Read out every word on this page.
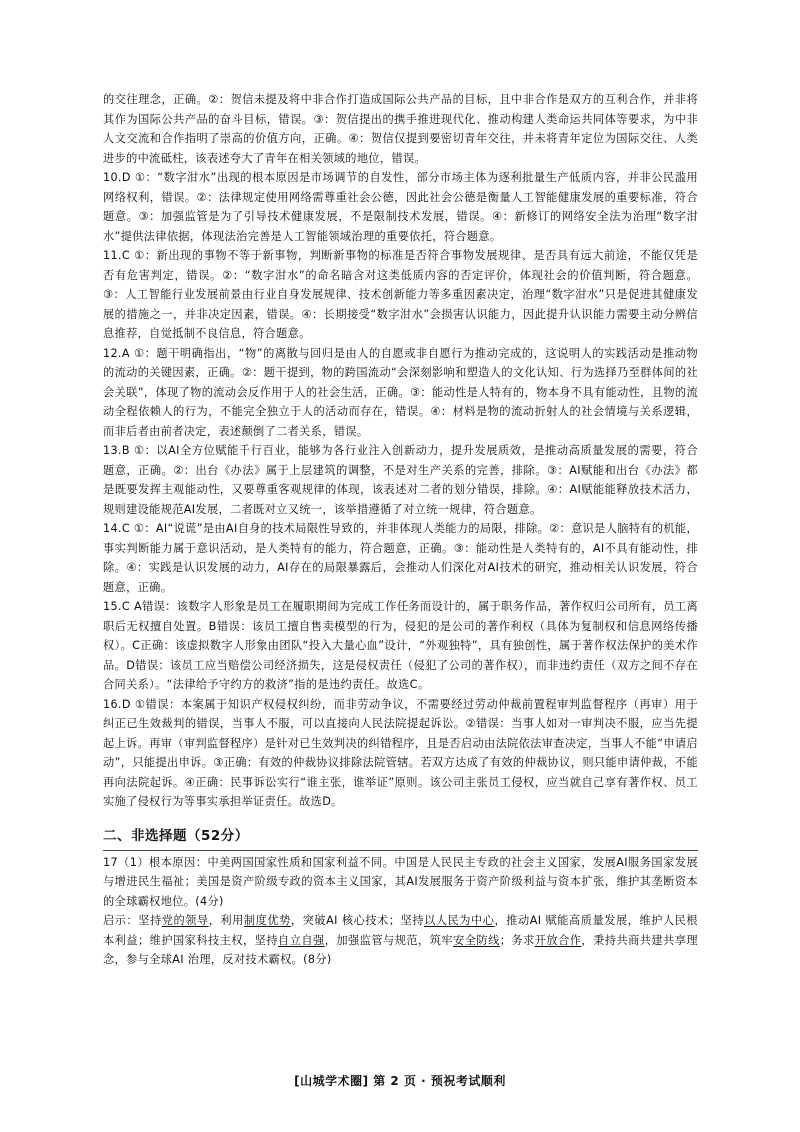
的交往理念，正确。②：贺信未提及将中非合作打造成国际公共产品的目标，且中非合作是双方的互利合作，并非将其作为国际公共产品的奋斗目标，错误。③：贺信提出的携手推进现代化、推动构建人类命运共同体等要求，为中非人文交流和合作指明了崇高的价值方向，正确。④：贺信仅提到要密切青年交往，并未将青年定位为国际交往、人类进步的中流砥柱，该表述夸大了青年在相关领域的地位，错误。

10.D ①：“数字泔水”出现的根本原因是市场调节的自发性，部分市场主体为逐利批量生产低质内容，并非公民滥用网络权利，错误。②：法律规定使用网络需尊重社会公德，因此社会公德是衡量人工智能健康发展的重要标准，符合题意。③：加强监管是为了引导技术健康发展，不是限制技术发展，错误。④：新修订的网络安全法为治理“数字泔水”提供法律依据，体现法治完善是人工智能领域治理的重要依托，符合题意。

11.C ①：新出现的事物不等于新事物，判断新事物的标准是否符合事物发展规律、是否具有远大前途，不能仅凭是否有危害判定，错误。②：“数字泔水”的命名暗含对这类低质内容的否定评价，体现社会的价值判断，符合题意。③：人工智能行业发展前景由行业自身发展规律、技术创新能力等多重因素决定，治理“数字泔水”只是促进其健康发展的措施之一，并非决定因素，错误。④：长期接受“数字泔水”会损害认识能力，因此提升认识能力需要主动分辨信息推荐，自觉抵制不良信息，符合题意。

12.A ①：题干明确指出，“物”的离散与回归是由人的自愿或非自愿行为推动完成的，这说明人的实践活动是推动物的流动的关键因素，正确。②：题干提到，物的跨国流动“会深刻影响和塑造人的文化认知、行为选择乃至群体间的社会关联”，体现了物的流动会反作用于人的社会生活，正确。③：能动性是人特有的，物本身不具有能动性，且物的流动全程依赖人的行为，不能完全独立于人的活动而存在，错误。④：材料是物的流动折射人的社会情境与关系逻辑，而非后者由前者决定，表述颠倒了二者关系，错误。

13.B ①：以AI全方位赋能千行百业，能够为各行业注入创新动力，提升发展质效，是推动高质量发展的需要，符合题意，正确。②：出台《办法》属于上层建筑的调整，不是对生产关系的完善，排除。③：AI赋能和出台《办法》都是既要发挥主观能动性，又要尊重客观规律的体现，该表述对二者的划分错误，排除。④：AI赋能能释放技术活力，规则建设能规范AI发展，二者既对立又统一，该举措遵循了对立统一规律，符合题意。

14.C ①：AI“说谎”是由AI自身的技术局限性导致的，并非体现人类能力的局限，排除。②：意识是人脑特有的机能，事实判断能力属于意识活动，是人类特有的能力，符合题意，正确。③：能动性是人类特有的，AI不具有能动性，排除。④：实践是认识发展的动力，AI存在的局限暴露后，会推动人们深化对AI技术的研究，推动相关认识发展，符合题意，正确。

15.C A错误：该数字人形象是员工在履职期间为完成工作任务而设计的，属于职务作品，著作权归公司所有，员工离职后无权擅自处置。B错误：该员工擅自售卖模型的行为，侵犯的是公司的著作利权（具体为复制权和信息网络传播权）。C正确：该虚拟数字人形象由团队“投入大量心血”设计，“外观独特”，具有独创性，属于著作权法保护的美术作品。D错误：该员工应当赔偿公司经济损失，这是侵权责任（侵犯了公司的著作权），而非违约责任（双方之间不存在合同关系）。“法律给予守约方的救济”指的是违约责任。故选C。

16.D ①错误：本案属于知识产权侵权纠纷，而非劳动争议，不需要经过劳动仲裁前置程审判监督程序（再审）用于纠正已生效裁判的错误，当事人不服，可以直接向人民法院提起诉讼。②错误：当事人如对一审判决不服，应当先提起上诉。再审（审判监督程序）是针对已生效判决的纠错程序，且是否启动由法院依法审查决定，当事人不能“申请启动”，只能提出申诉。③正确：有效的仲裁协议排除法院管辖。若双方达成了有效的仲裁协议，则只能申请仲裁，不能再向法院起诉。④正确：民事诉讼实行“谁主张，谁举证”原则。该公司主张员工侵权，应当就自己享有著作权、员工实施了侵权行为等事实承担举证责任。故选D。

二、非选择题（52分）

17（1）根本原因：中美两国国家性质和国家利益不同。中国是人民民主专政的社会主义国家，发展AI服务国家发展与增进民生福祉；美国是资产阶级专政的资本主义国家，其AI发展服务于资产阶级利益与资本扩张，维护其垄断资本的全球霸权地位。(4分)

启示：坚持党的领导，利用制度优势，突破AI 核心技术；坚持以人民为中心，推动AI 赋能高质量发展，维护人民根本利益；维护国家科技主权，坚持自立自强，加强监管与规范，筑牢安全防线；务求开放合作，秉持共商共建共享理念，参与全球AI 治理，反对技术霸权。(8分)

[山城学术圈] 第 2 页 · 预祝考试顺利
